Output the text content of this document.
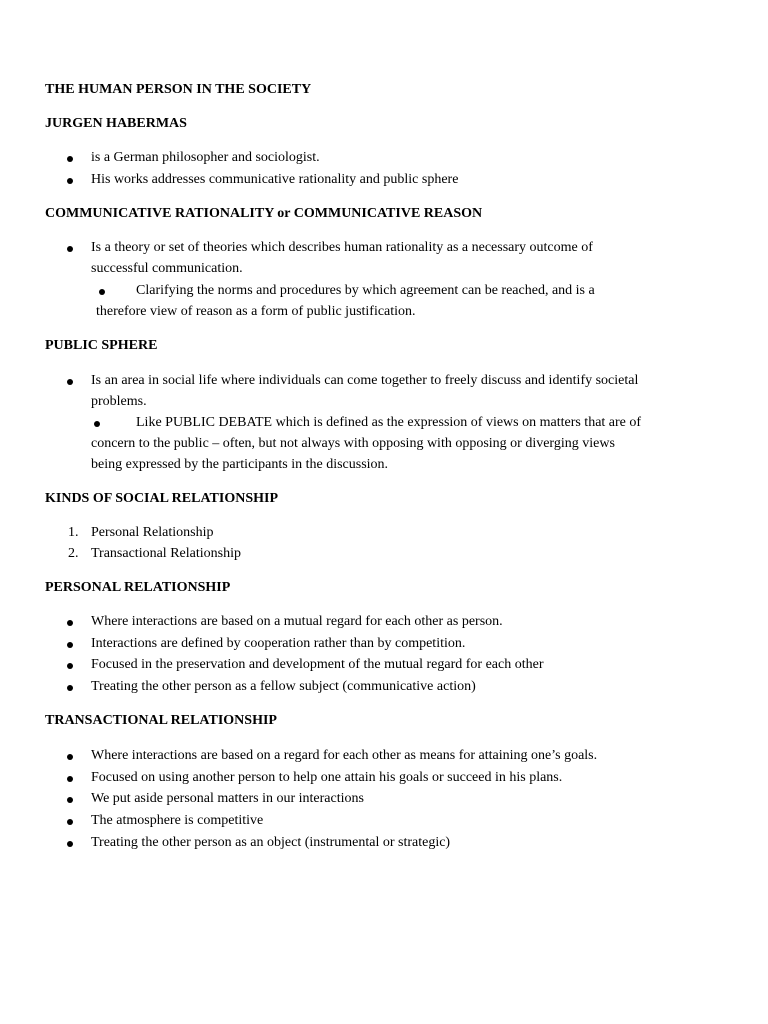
THE HUMAN PERSON IN THE SOCIETY
JURGEN HABERMAS

is a German philosopher and sociologist.

His works addresses communicative rationality and public sphere

COMMUNICATIVE RATIONALITY or COMMUNICATIVE REASON

Is a theory or set of theories which describes human rationality as a necessary outcome of

successful communication.

Clarifying the norms and procedures by which agreement can be reached, and is a

therefore view of reason as a form of public justification.

PUBLIC SPHERE

Is an area in social life where individuals can come together to freely discuss and identify societal

problems.

Like PUBLIC DEBATE which is defined as the expression of views on matters that are of

concern to the public – often, but not always with opposing with opposing or diverging views

being expressed by the participants in the discussion.

KINDS OF SOCIAL RELATIONSHIP

1. Personal Relationship

2. Transactional Relationship

PERSONAL RELATIONSHIP

Where interactions are based on a mutual regard for each other as person.

Interactions are defined by cooperation rather than by competition.

Focused in the preservation and development of the mutual regard for each other

Treating the other person as a fellow subject (communicative action)

TRANSACTIONAL RELATIONSHIP

Where interactions are based on a regard for each other as means for attaining one’s goals.

Focused on using another person to help one attain his goals or succeed in his plans.

We put aside personal matters in our interactions

The atmosphere is competitive

Treating the other person as an object (instrumental or strategic)
